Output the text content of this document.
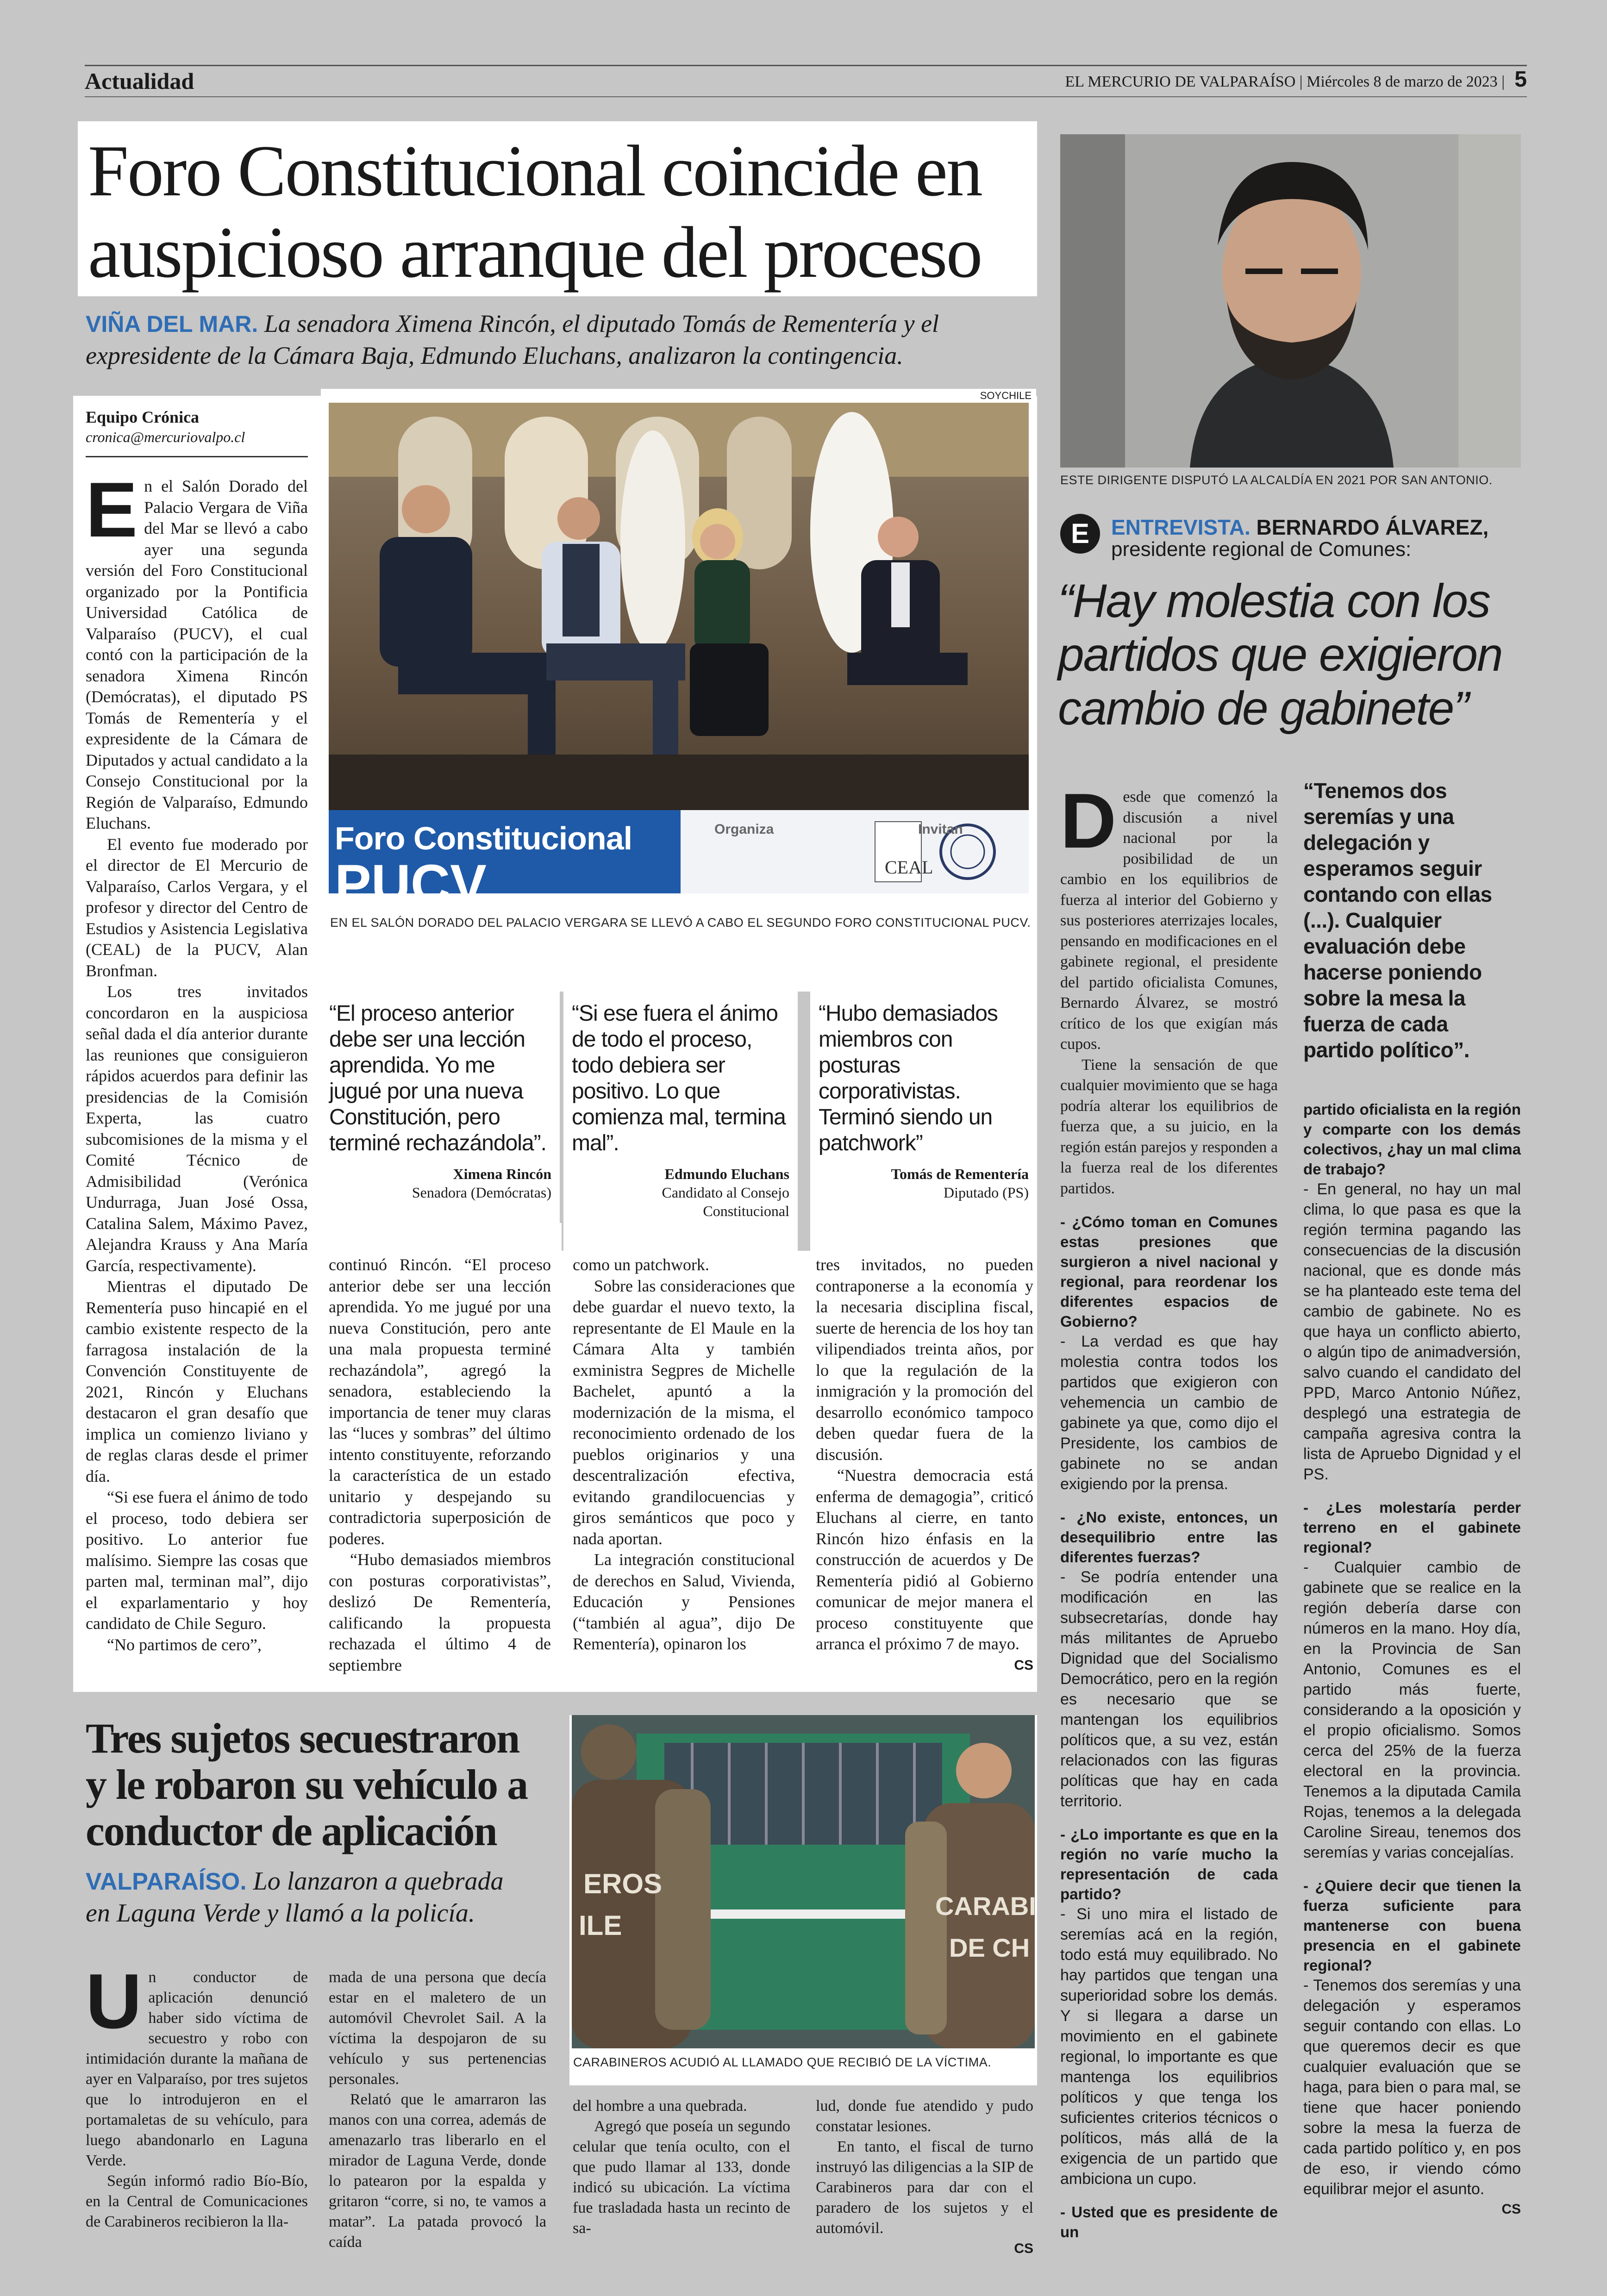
Actualidad	EL MERCURIO DE VALPARAÍSO | Miércoles 8 de marzo de 2023 | 5
Foro Constitucional coincide en
auspicioso arranque del proceso
VIÑA DEL MAR. La senadora Ximena Rincón, el diputado Tomás de Rementería y el
expresidente de la Cámara Baja, Edmundo Eluchans, analizaron la contingencia.
Equipo Crónica
cronica@mercuriovalpo.cl

En el Salón Dorado del Palacio Vergara de Viña del Mar se llevó a cabo ayer una segunda versión del Foro Constitucional organizado por la Pontificia Universidad Católica de Valparaíso (PUCV), el cual contó con la participación de la senadora Ximena Rincón (Demócratas), el diputado PS Tomás de Rementería y el expresidente de la Cámara de Diputados y actual candidato a la Consejo Constitucional por la Región de Valparaíso, Edmundo Eluchans.

El evento fue moderado por el director de El Mercurio de Valparaíso, Carlos Vergara, y el profesor y director del Centro de Estudios y Asistencia Legislativa (CEAL) de la PUCV, Alan Bronfman.

Los tres invitados concordaron en la auspiciosa señal dada el día anterior durante las reuniones que consiguieron rápidos acuerdos para definir las presidencias de la Comisión Experta, las cuatro subcomisiones de la misma y el Comité Técnico de Admisibilidad (Verónica Undurraga, Juan José Ossa, Catalina Salem, Máximo Pavez, Alejandra Krauss y Ana María García, respectivamente).

Mientras el diputado De Rementería puso hincapié en el cambio existente respecto de la farragosa instalación de la Convención Constituyente de 2021, Rincón y Eluchans destacaron el gran desafío que implica un comienzo liviano y de reglas claras desde el primer día.

“Si ese fuera el ánimo de todo el proceso, todo debiera ser positivo. Lo anterior fue malísimo. Siempre las cosas que parten mal, terminan mal”, dijo el exparlamentario y hoy candidato de Chile Seguro.

“No partimos de cero”,

SOYCHILE
Foro Constitucional
PUCV
Organiza	Invitan
CEAL
EN EL SALÓN DORADO DEL PALACIO VERGARA SE LLEVÓ A CABO EL SEGUNDO FORO CONSTITUCIONAL PUCV.
“El proceso anterior debe ser una lección aprendida. Yo me jugué por una nueva Constitución, pero terminé rechazándola”.
Ximena Rincón
Senadora (Demócratas)
“Si ese fuera el ánimo de todo el proceso, todo debiera ser positivo. Lo que comienza mal, termina mal”.
Edmundo Eluchans
Candidato al Consejo Constitucional
“Hubo demasiados miembros con posturas corporativistas. Terminó siendo un patchwork”
Tomás de Rementería
Diputado (PS)

continuó Rincón. “El proceso anterior debe ser una lección aprendida. Yo me jugué por una nueva Constitución, pero ante una mala propuesta terminé rechazándola”, agregó la senadora, estableciendo la importancia de tener muy claras las “luces y sombras” del último intento constituyente, reforzando la característica de un estado unitario y despejando su contradictoria superposición de poderes.

“Hubo demasiados miembros con posturas corporativistas”, deslizó De Rementería, calificando la propuesta rechazada el último 4 de septiembre

como un patchwork.

Sobre las consideraciones que debe guardar el nuevo texto, la representante de El Maule en la Cámara Alta y también exministra Segpres de Michelle Bachelet, apuntó a la modernización de la misma, el reconocimiento ordenado de los pueblos originarios y una descentralización efectiva, evitando grandilocuencias y giros semánticos que poco y nada aportan.

La integración constitucional de derechos en Salud, Vivienda, Educación y Pensiones (“también al agua”, dijo De Rementería), opinaron los

tres invitados, no pueden contraponerse a la economía y la necesaria disciplina fiscal, suerte de herencia de los hoy tan vilipendiados treinta años, por lo que la regulación de la inmigración y la promoción del desarrollo económico tampoco deben quedar fuera de la discusión.

“Nuestra democracia está enferma de demagogia”, criticó Eluchans al cierre, en tanto Rincón hizo énfasis en la construcción de acuerdos y De Rementería pidió al Gobierno comunicar de mejor manera el proceso constituyente que arranca el próximo 7 de mayo.

CS
Tres sujetos secuestraron
y le robaron su vehículo a
conductor de aplicación
VALPARAÍSO. Lo lanzaron a quebrada
en Laguna Verde y llamó a la policía.
EROS
ILE
CARABI
DE CH
CARABINEROS ACUDIÓ AL LLAMADO QUE RECIBIÓ DE LA VÍCTIMA.

Un conductor de aplicación denunció haber sido víctima de secuestro y robo con intimidación durante la mañana de ayer en Valparaíso, por tres sujetos que lo introdujeron en el portamaletas de su vehículo, para luego abandonarlo en Laguna Verde.

Según informó radio Bío-Bío, en la Central de Comunicaciones de Carabineros recibieron la lla-

mada de una persona que decía estar en el maletero de un automóvil Chevrolet Sail. A la víctima la despojaron de su vehículo y sus pertenencias personales.

Relató que le amarraron las manos con una correa, además de amenazarlo tras liberarlo en el mirador de Laguna Verde, donde lo patearon por la espalda y gritaron “corre, si no, te vamos a matar”. La patada provocó la caída

del hombre a una quebrada.

Agregó que poseía un segundo celular que tenía oculto, con el que pudo llamar al 133, donde indicó su ubicación. La víctima fue trasladada hasta un recinto de sa-

lud, donde fue atendido y pudo constatar lesiones.

En tanto, el fiscal de turno instruyó las diligencias a la SIP de Carabineros para dar con el paradero de los sujetos y el automóvil.

CS
ESTE DIRIGENTE DISPUTÓ LA ALCALDÍA EN 2021 POR SAN ANTONIO.
E	ENTREVISTA. BERNARDO ÁLVAREZ,
presidente regional de Comunes:
“Hay molestia con los
partidos que exigieron
cambio de gabinete”

Desde que comenzó la discusión a nivel nacional por la posibilidad de un cambio en los equilibrios de fuerza al interior del Gobierno y sus posteriores aterrizajes locales, pensando en modificaciones en el gabinete regional, el presidente del partido oficialista Comunes, Bernardo Álvarez, se mostró crítico de los que exigían más cupos.

Tiene la sensación de que cualquier movimiento que se haga podría alterar los equilibrios de fuerza que, a su juicio, en la región están parejos y responden a la fuerza real de los diferentes partidos.

- ¿Cómo toman en Comunes estas presiones que surgieron a nivel nacional y regional, para reordenar los diferentes espacios de Gobierno?

- La verdad es que hay molestia contra todos los partidos que exigieron con vehemencia un cambio de gabinete ya que, como dijo el Presidente, los cambios de gabinete no se andan exigiendo por la prensa.

- ¿No existe, entonces, un desequilibrio entre las diferentes fuerzas?

- Se podría entender una modificación en las subsecretarías, donde hay más militantes de Apruebo Dignidad que del Socialismo Democrático, pero en la región es necesario que se mantengan los equilibrios políticos que, a su vez, están relacionados con las figuras políticas que hay en cada territorio.

- ¿Lo importante es que en la región no varíe mucho la representación de cada partido?

- Si uno mira el listado de seremías acá en la región, todo está muy equilibrado. No hay partidos que tengan una superioridad sobre los demás. Y si llegara a darse un movimiento en el gabinete regional, lo importante es que mantenga los equilibrios políticos y que tenga los suficientes criterios técnicos o políticos, más allá de la exigencia de un partido que ambiciona un cupo.

- Usted que es presidente de un

“Tenemos dos seremías y una delegación y esperamos seguir contando con ellas (...). Cualquier evaluación debe hacerse poniendo sobre la mesa la fuerza de cada partido político”.

partido oficialista en la región y comparte con los demás colectivos, ¿hay un mal clima de trabajo?

- En general, no hay un mal clima, lo que pasa es que la región termina pagando las consecuencias de la discusión nacional, que es donde más se ha planteado este tema del cambio de gabinete. No es que haya un conflicto abierto, o algún tipo de animadversión, salvo cuando el candidato del PPD, Marco Antonio Núñez, desplegó una estrategia de campaña agresiva contra la lista de Apruebo Dignidad y el PS.

- ¿Les molestaría perder terreno en el gabinete regional?

- Cualquier cambio de gabinete que se realice en la región debería darse con números en la mano. Hoy día, en la Provincia de San Antonio, Comunes es el partido más fuerte, considerando a la oposición y el propio oficialismo. Somos cerca del 25% de la fuerza electoral en la provincia. Tenemos a la diputada Camila Rojas, tenemos a la delegada Caroline Sireau, tenemos dos seremías y varias concejalías.

- ¿Quiere decir que tienen la fuerza suficiente para mantenerse con buena presencia en el gabinete regional?

- Tenemos dos seremías y una delegación y esperamos seguir contando con ellas. Lo que queremos decir es que cualquier evaluación que se haga, para bien o para mal, se tiene que hacer poniendo sobre la mesa la fuerza de cada partido político y, en pos de eso, ir viendo cómo equilibrar mejor el asunto.

CS
